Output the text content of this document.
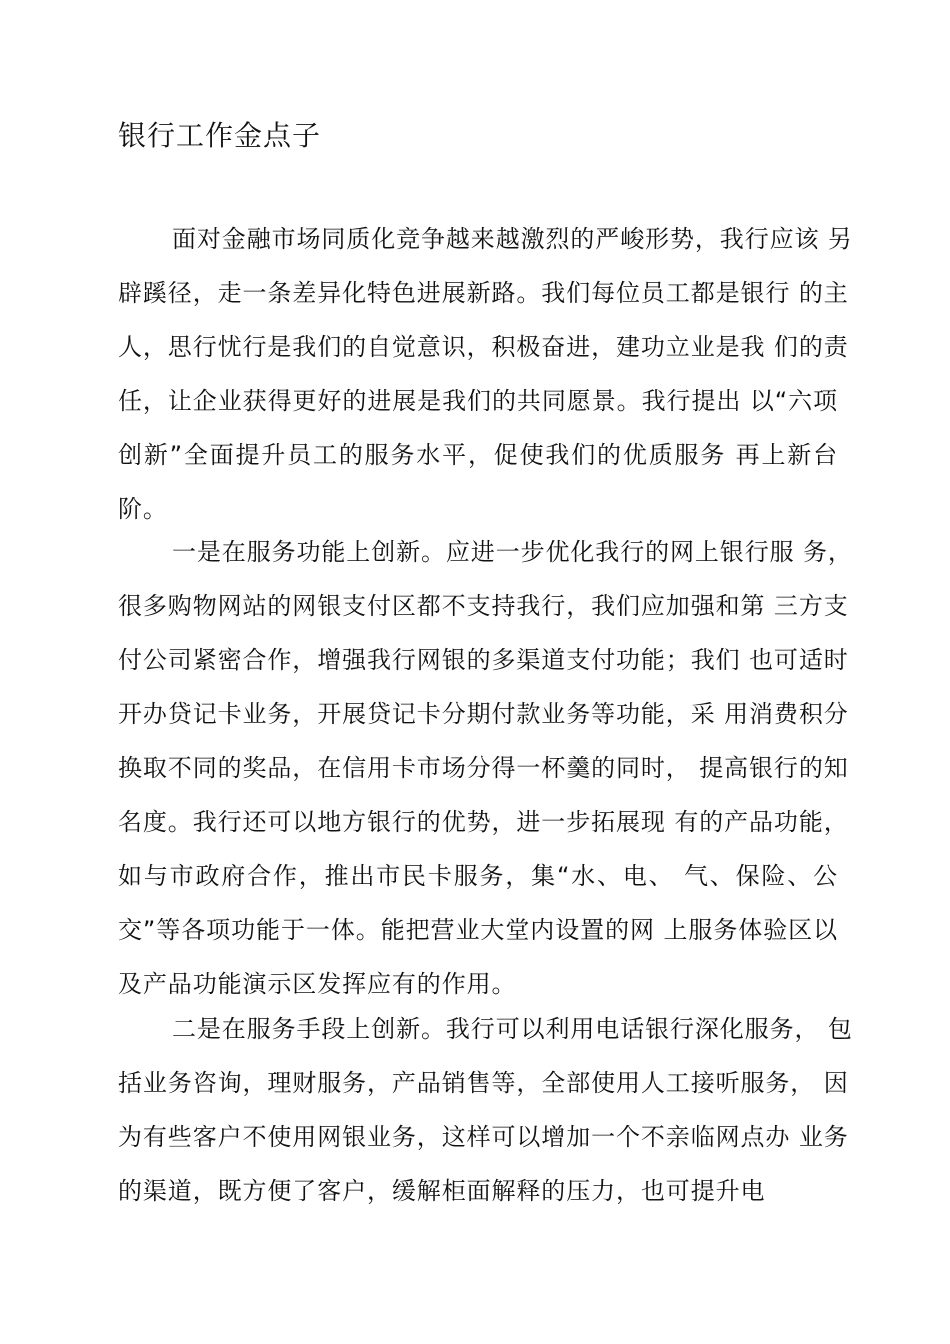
银行工作金点子
面对金融市场同质化竞争越来越激烈的严峻形势，我行应该 另
辟蹊径，走一条差异化特色进展新路。我们每位员工都是银行 的主
人，思行忧行是我们的自觉意识，积极奋进，建功立业是我 们的责
任，让企业获得更好的进展是我们的共同愿景。我行提出 以“六项
创新”全面提升员工的服务水平，促使我们的优质服务 再上新台
阶。
一是在服务功能上创新。应进一步优化我行的网上银行服 务，
很多购物网站的网银支付区都不支持我行，我们应加强和第 三方支
付公司紧密合作，增强我行网银的多渠道支付功能；我们 也可适时
开办贷记卡业务，开展贷记卡分期付款业务等功能，采 用消费积分
换取不同的奖品，在信用卡市场分得一杯羹的同时， 提高银行的知
名度。我行还可以地方银行的优势，进一步拓展现 有的产品功能，
如与市政府合作，推出市民卡服务，集“水、电、 气、保险、公
交”等各项功能于一体。能把营业大堂内设置的网 上服务体验区以
及产品功能演示区发挥应有的作用。
二是在服务手段上创新。我行可以利用电话银行深化服务， 包
括业务咨询，理财服务，产品销售等，全部使用人工接听服务， 因
为有些客户不使用网银业务，这样可以增加一个不亲临网点办 业务
的渠道，既方便了客户，缓解柜面解释的压力，也可提升电
